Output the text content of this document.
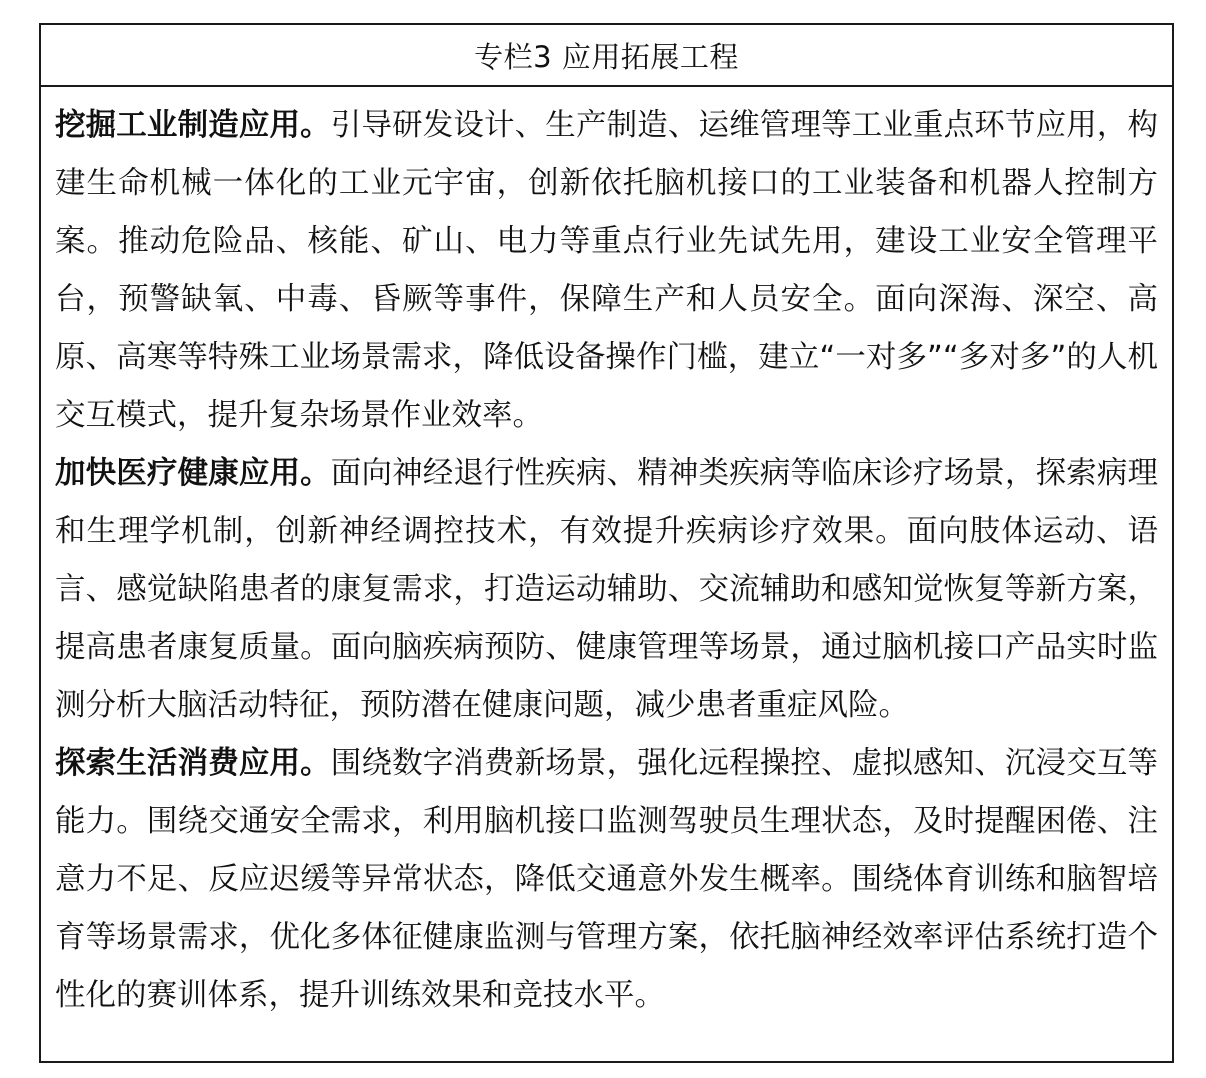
专栏3 应用拓展工程

挖掘工业制造应用。引导研发设计、生产制造、运维管理等工业重点环节应用，构建生命机械一体化的工业元宇宙，创新依托脑机接口的工业装备和机器人控制方案。推动危险品、核能、矿山、电力等重点行业先试先用，建设工业安全管理平台，预警缺氧、中毒、昏厥等事件，保障生产和人员安全。面向深海、深空、高原、高寒等特殊工业场景需求，降低设备操作门槛，建立“一对多”“多对多”的人机交互模式，提升复杂场景作业效率。

加快医疗健康应用。面向神经退行性疾病、精神类疾病等临床诊疗场景，探索病理和生理学机制，创新神经调控技术，有效提升疾病诊疗效果。面向肢体运动、语言、感觉缺陷患者的康复需求，打造运动辅助、交流辅助和感知觉恢复等新方案，提高患者康复质量。面向脑疾病预防、健康管理等场景，通过脑机接口产品实时监测分析大脑活动特征，预防潜在健康问题，减少患者重症风险。

探索生活消费应用。围绕数字消费新场景，强化远程操控、虚拟感知、沉浸交互等能力。围绕交通安全需求，利用脑机接口监测驾驶员生理状态，及时提醒困倦、注意力不足、反应迟缓等异常状态，降低交通意外发生概率。围绕体育训练和脑智培育等场景需求，优化多体征健康监测与管理方案，依托脑神经效率评估系统打造个性化的赛训体系，提升训练效果和竞技水平。
